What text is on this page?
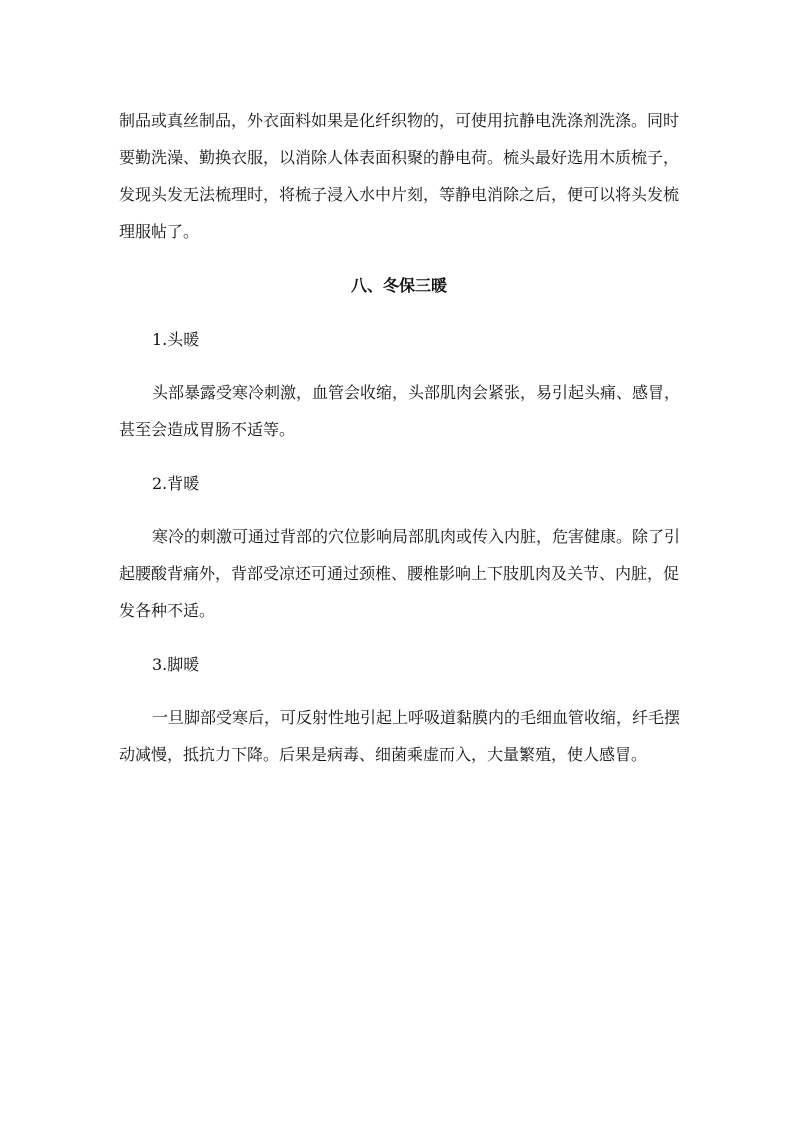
制品或真丝制品，外衣面料如果是化纤织物的，可使用抗静电洗涤剂洗涤。同时
要勤洗澡、勤换衣服，以消除人体表面积聚的静电荷。梳头最好选用木质梳子，
发现头发无法梳理时，将梳子浸入水中片刻，等静电消除之后，便可以将头发梳
理服帖了。
八、冬保三暖
1.头暖
头部暴露受寒冷刺激，血管会收缩，头部肌肉会紧张，易引起头痛、感冒，
甚至会造成胃肠不适等。
2.背暖
寒冷的刺激可通过背部的穴位影响局部肌肉或传入内脏，危害健康。除了引
起腰酸背痛外，背部受凉还可通过颈椎、腰椎影响上下肢肌肉及关节、内脏，促
发各种不适。
3.脚暖
一旦脚部受寒后，可反射性地引起上呼吸道黏膜内的毛细血管收缩，纤毛摆
动减慢，抵抗力下降。后果是病毒、细菌乘虚而入，大量繁殖，使人感冒。
